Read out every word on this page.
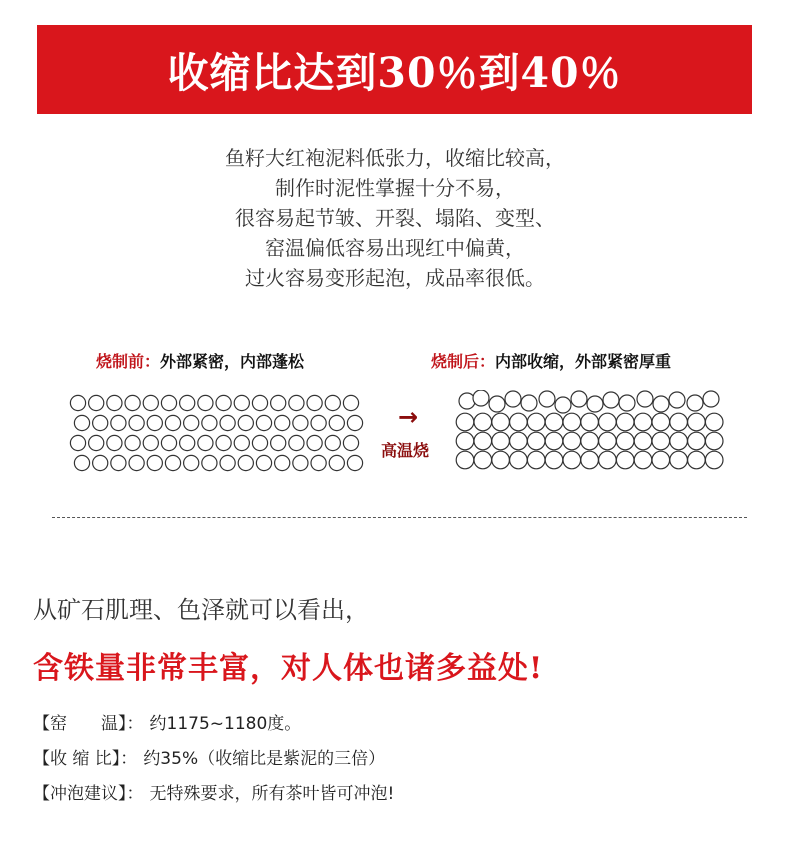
收缩比达到30％到40％
鱼籽大红袍泥料低张力，收缩比较高，
制作时泥性掌握十分不易，
很容易起节皱、开裂、塌陷、变型、
窑温偏低容易出现红中偏黄，
过火容易变形起泡，成品率很低。
烧制前：外部紧密，内部蓬松	烧制后：内部收缩，外部紧密厚重
→
高温烧
从矿石肌理、色泽就可以看出，
含铁量非常丰富，对人体也诸多益处!
【窑　　温】： 约1175~1180度。
【收 缩 比】： 约35%（收缩比是紫泥的三倍）
【冲泡建议】： 无特殊要求，所有茶叶皆可冲泡!
